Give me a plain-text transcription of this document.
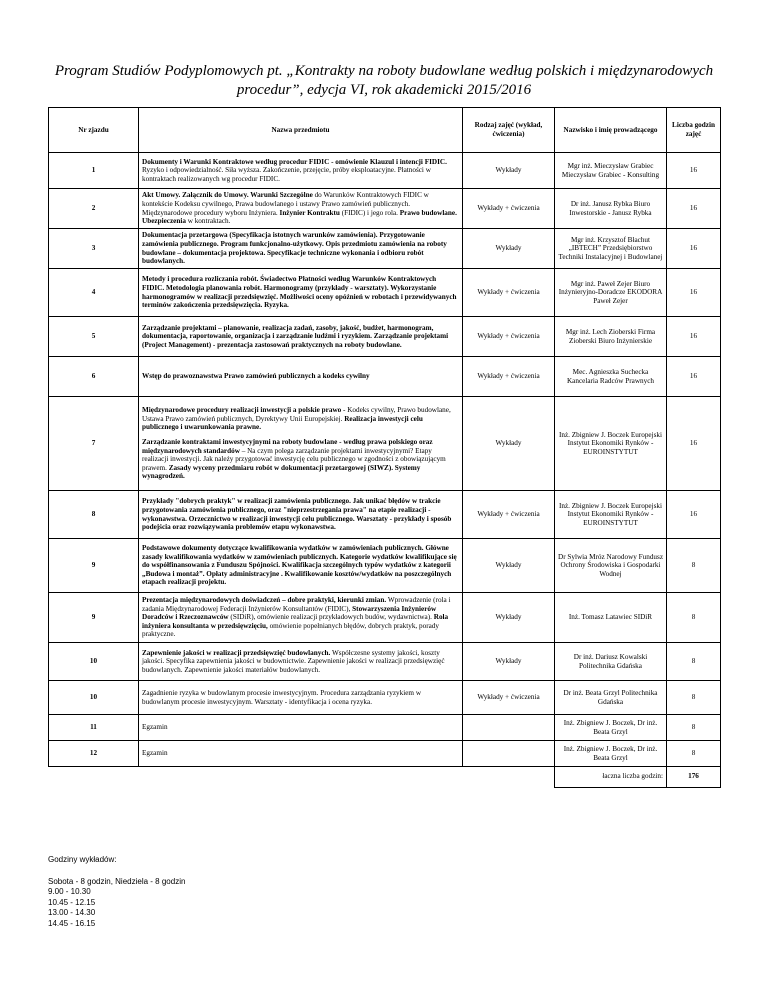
Program Studiów Podyplomowych pt. „Kontrakty na roboty budowlane według polskich i międzynarodowych procedur”, edycja VI, rok akademicki 2015/2016
Nr zjazdu	Nazwa przedmiotu	Rodzaj zajęć (wykład, ćwiczenia)	Nazwisko i imię prowadzącego	Liczba godzin zajęć
1	Dokumenty i Warunki Kontraktowe według procedur FIDIC - omówienie Klauzul i intencji FIDIC. Ryzyko i odpowiedzialność. Siła wyższa. Zakończenie, przejęcie, próby eksploatacyjne. Płatności w kontraktach realizowanych wg procedur FIDIC.	Wykłady	Mgr inż. Mieczysław Grabiec Mieczysław Grabiec - Konsulting	16
2	Akt Umowy. Załącznik do Umowy. Warunki Szczególne do Warunków Kontraktowych FIDIC w kontekście Kodeksu cywilnego, Prawa budowlanego i ustawy Prawo zamówień publicznych. Międzynarodowe procedury wyboru Inżyniera. Inżynier Kontraktu (FIDIC) i jego rola. Prawo budowlane. Ubezpieczenia w kontraktach.	Wykłady + ćwiczenia	Dr inż. Janusz Rybka Biuro Inwestorskie - Janusz Rybka	16
3	Dokumentacja przetargowa (Specyfikacja istotnych warunków zamówienia). Przygotowanie zamówienia publicznego. Program funkcjonalno-użytkowy. Opis przedmiotu zamówienia na roboty budowlane – dokumentacja projektowa. Specyfikacje techniczne wykonania i odbioru robót budowlanych.	Wykłady	Mgr inż. Krzysztof Błachut „IBTECH” Przedsiębiorstwo Techniki Instalacyjnej i Budowlanej	16
4	Metody i procedura rozliczania robót. Świadectwo Płatności według Warunków Kontraktowych FIDIC. Metodologia planowania robót. Harmonogramy (przykłady - warsztaty). Wykorzystanie harmonogramów w realizacji przedsięwzięć. Możliwości oceny opóźnień w robotach i przewidywanych terminów zakończenia przedsięwzięcia. Ryzyka.	Wykłady + ćwiczenia	Mgr inż. Paweł Zejer Biuro Inżynieryjno-Doradcze EKODORA Paweł Zejer	16
5	Zarządzanie projektami – planowanie, realizacja zadań, zasoby, jakość, budżet, harmonogram, dokumentacja, raportowanie, organizacja i zarządzanie ludźmi i ryzykiem. Zarządzanie projektami (Project Management) - prezentacja zastosowań praktycznych na roboty budowlane.	Wykłady + ćwiczenia	Mgr inż. Lech Zioberski Firma Zioberski Biuro Inżynierskie	16
6	Wstęp do prawoznawstwa Prawo zamówień publicznych a kodeks cywilny	Wykłady + ćwiczenia	Mec. Agnieszka Suchecka Kancelaria Radców Prawnych	16
7	Międzynarodowe procedury realizacji inwestycji a polskie prawo - Kodeks cywilny, Prawo budowlane, Ustawa Prawo zamówień publicznych, Dyrektywy Unii Europejskiej. Realizacja inwestycji celu publicznego i uwarunkowania prawne.

Zarządzanie kontraktami inwestycyjnymi na roboty budowlane - według prawa polskiego oraz międzynarodowych standardów – Na czym polega zarządzanie projektami inwestycyjnymi? Etapy realizacji inwestycji. Jak należy przygotować inwestycję celu publicznego w zgodności z obowiązującym prawem. Zasady wyceny przedmiaru robót w dokumentacji przetargowej (SIWZ). Systemy wynagrodzeń.	Wykłady	Inż. Zbigniew J. Boczek Europejski Instytut Ekonomiki Rynków - EUROINSTYTUT	16
8	Przykłady "dobrych praktyk" w realizacji zamówienia publicznego. Jak unikać błędów w trakcie przygotowania zamówienia publicznego, oraz "nieprzestrzegania prawa" na etapie realizacji - wykonawstwa. Orzecznictwo w realizacji inwestycji celu publicznego. Warsztaty - przykłady i sposób podejścia oraz rozwiązywania problemów etapu wykonawstwa.	Wykłady + ćwiczenia	Inż. Zbigniew J. Boczek Europejski Instytut Ekonomiki Rynków - EUROINSTYTUT	16
9	Podstawowe dokumenty dotyczące kwalifikowania wydatków w zamówieniach publicznych. Główne zasady kwalifikowania wydatków w zamówieniach publicznych. Kategorie wydatków kwalifikujące się do współfinansowania z Funduszu Spójności. Kwalifikacja szczególnych typów wydatków z kategorii „Budowa i montaż”. Opłaty administracyjne . Kwalifikowanie kosztów/wydatków na poszczególnych etapach realizacji projektu.	Wykłady	Dr Sylwia Mróz Narodowy Fundusz Ochrony Środowiska i Gospodarki Wodnej	8
9	Prezentacja międzynarodowych doświadczeń – dobre praktyki, kierunki zmian. Wprowadzenie (rola i zadania Międzynarodowej Federacji Inżynierów Konsultantów (FIDIC), Stowarzyszenia Inżynierów Doradców i Rzeczoznawców (SIDiR), omówienie realizacji przykładowych budów, wydawnictwa). Rola inżyniera konsultanta w przedsięwzięciu, omówienie popełnianych błędów, dobrych praktyk, porady praktyczne.	Wykłady	Inż. Tomasz Latawiec SIDiR	8
10	Zapewnienie jakości w realizacji przedsięwzięć budowlanych. Współczesne systemy jakości, koszty jakości. Specyfika zapewnienia jakości w budownictwie. Zapewnienie jakości w realizacji przedsięwzięć budowlanych. Zapewnienie jakości materiałów budowlanych.	Wykłady	Dr inż. Dariusz Kowalski Politechnika Gdańska	8
10	Zagadnienie ryzyka w budowlanym procesie inwestycyjnym. Procedura zarządzania ryzykiem w budowlanym procesie inwestycyjnym. Warsztaty - identyfikacja i ocena ryzyka.	Wykłady + ćwiczenia	Dr inż. Beata Grzyl Politechnika Gdańska	8
11	Egzamin		Inż. Zbigniew J. Boczek, Dr inż. Beata Grzyl	8
12	Egzamin		Inż. Zbigniew J. Boczek, Dr inż. Beata Grzyl	8
			łaczna liczba godzin:	176
Godziny wykładów:
Sobota - 8 godzin, Niedziela - 8 godzin
9.00 - 10.30
10.45 - 12.15
13.00 - 14.30
14.45 - 16.15
